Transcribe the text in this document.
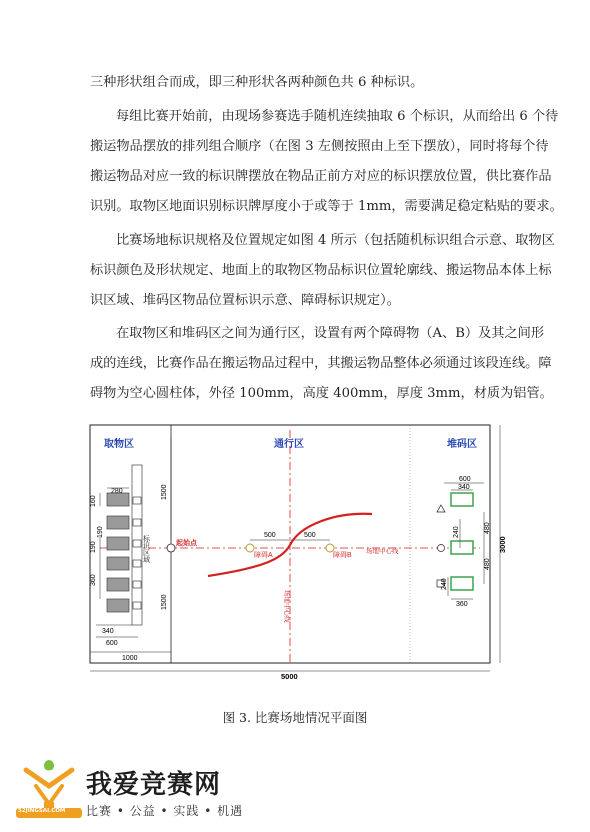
三种形状组合而成，即三种形状各两种颜色共 6 种标识。
每组比赛开始前，由现场参赛选手随机连续抽取 6 个标识，从而给出 6 个待
搬运物品摆放的排列组合顺序（在图 3 左侧按照由上至下摆放），同时将每个待
搬运物品对应一致的标识牌摆放在物品正前方对应的标识摆放位置，供比赛作品
识别。取物区地面识别标识牌厚度小于或等于 1mm，需要满足稳定粘贴的要求。
比赛场地标识规格及位置规定如图 4 所示（包括随机标识组合示意、取物区
标识颜色及形状规定、地面上的取物区物品标识位置轮廓线、搬运物品本体上标
识区域、堆码区物品位置标识示意、障碍标识规定）。
在取物区和堆码区之间为通行区，设置有两个障碍物（A、B）及其之间形
成的连线，比赛作品在搬运物品过程中，其搬运物品整体必须通过该段连线。障
碍物为空心圆柱体，外径 100mm，高度 400mm，厚度 3mm，材质为铝管。
取物区	通行区	堆码区
标识区域
280
160
190
190
360
340
600
1000
1500
1500
起始点
障碍A	障碍B
500	500
场地中心线
场地中心线
600
340
240	480
480
240
360
3000
5000
图 3. 比赛场地情况平面图
52JINGSAI.COM
我爱竞赛网
比赛 • 公益 • 实践 • 机遇
